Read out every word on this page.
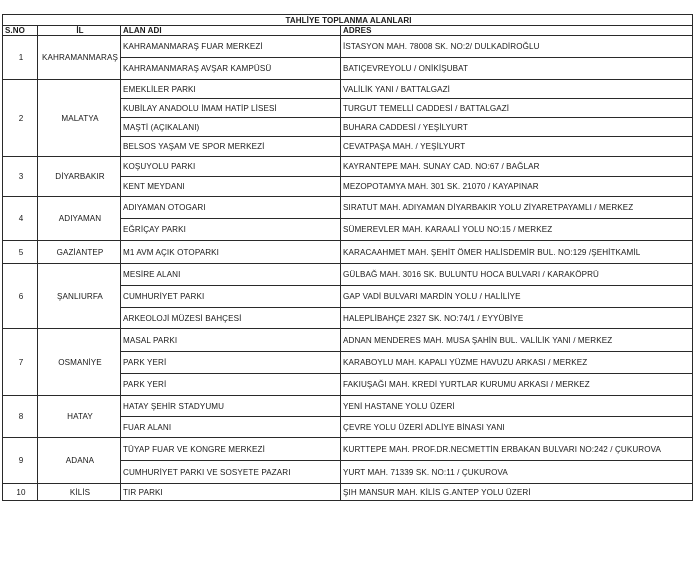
TAHLİYE TOPLANMA ALANLARI			
S.NO	İL	ALAN ADI	ADRES
1	KAHRAMANMARAŞ	KAHRAMANMARAŞ FUAR MERKEZİ	İSTASYON MAH. 78008 SK. NO:2/ DULKADİROĞLU
		KAHRAMANMARAŞ AVŞAR KAMPÜSÜ	BATIÇEVREYOLU / ONİKİŞUBAT
2	MALATYA	EMEKLİLER PARKI	VALİLİK YANI / BATTALGAZİ
		KUBİLAY ANADOLU İMAM HATİP LİSESİ	TURGUT TEMELLİ CADDESİ / BATTALGAZİ
		MAŞTİ (AÇIKALANI)	BUHARA CADDESİ / YEŞİLYURT
		BELSOS YAŞAM VE SPOR MERKEZİ	CEVATPAŞA MAH. / YEŞİLYURT
3	DİYARBAKIR	KOŞUYOLU PARKI	KAYRANTEPE MAH. SUNAY CAD. NO:67 / BAĞLAR
		KENT MEYDANI	MEZOPOTAMYA MAH. 301 SK. 21070 / KAYAPINAR
4	ADIYAMAN	ADIYAMAN OTOGARI	SIRATUT MAH. ADIYAMAN DİYARBAKIR YOLU ZİYARETPAYAMLI / MERKEZ
		EĞRİÇAY PARKI	SÜMEREVLER MAH. KARAALİ YOLU NO:15 / MERKEZ
5	GAZİANTEP	M1 AVM AÇIK OTOPARKI	KARACAAHMET MAH. ŞEHİT ÖMER HALİSDEMİR BUL. NO:129 /ŞEHİTKAMİL
6	ŞANLIURFA	MESİRE ALANI	GÜLBAĞ MAH. 3016 SK. BULUNTU HOCA BULVARI / KARAKÖPRÜ
		CUMHURİYET PARKI	GAP VADİ BULVARI MARDİN YOLU / HALİLİYE
		ARKEOLOJİ MÜZESİ BAHÇESİ	HALEPLİBAHÇE 2327 SK. NO:74/1 / EYYÜBİYE
7	OSMANİYE	MASAL PARKI	ADNAN MENDERES MAH. MUSA ŞAHİN BUL. VALİLİK YANI / MERKEZ
		PARK YERİ	KARABOYLU MAH. KAPALI YÜZME HAVUZU ARKASI / MERKEZ
		PARK YERİ	FAKIUŞAĞI MAH. KREDİ YURTLAR KURUMU ARKASI / MERKEZ
8	HATAY	HATAY ŞEHİR STADYUMU	YENİ HASTANE YOLU ÜZERİ
		FUAR ALANI	ÇEVRE YOLU ÜZERİ ADLİYE BİNASI YANI
9	ADANA	TÜYAP FUAR VE KONGRE MERKEZİ	KURTTEPE MAH. PROF.DR.NECMETTİN ERBAKAN BULVARI NO:242 / ÇUKUROVA
		CUMHURİYET PARKI VE SOSYETE PAZARI	YURT MAH. 71339 SK. NO:11 / ÇUKUROVA
10	KİLİS	TIR PARKI	ŞIH MANSUR MAH. KİLİS G.ANTEP YOLU ÜZERİ
